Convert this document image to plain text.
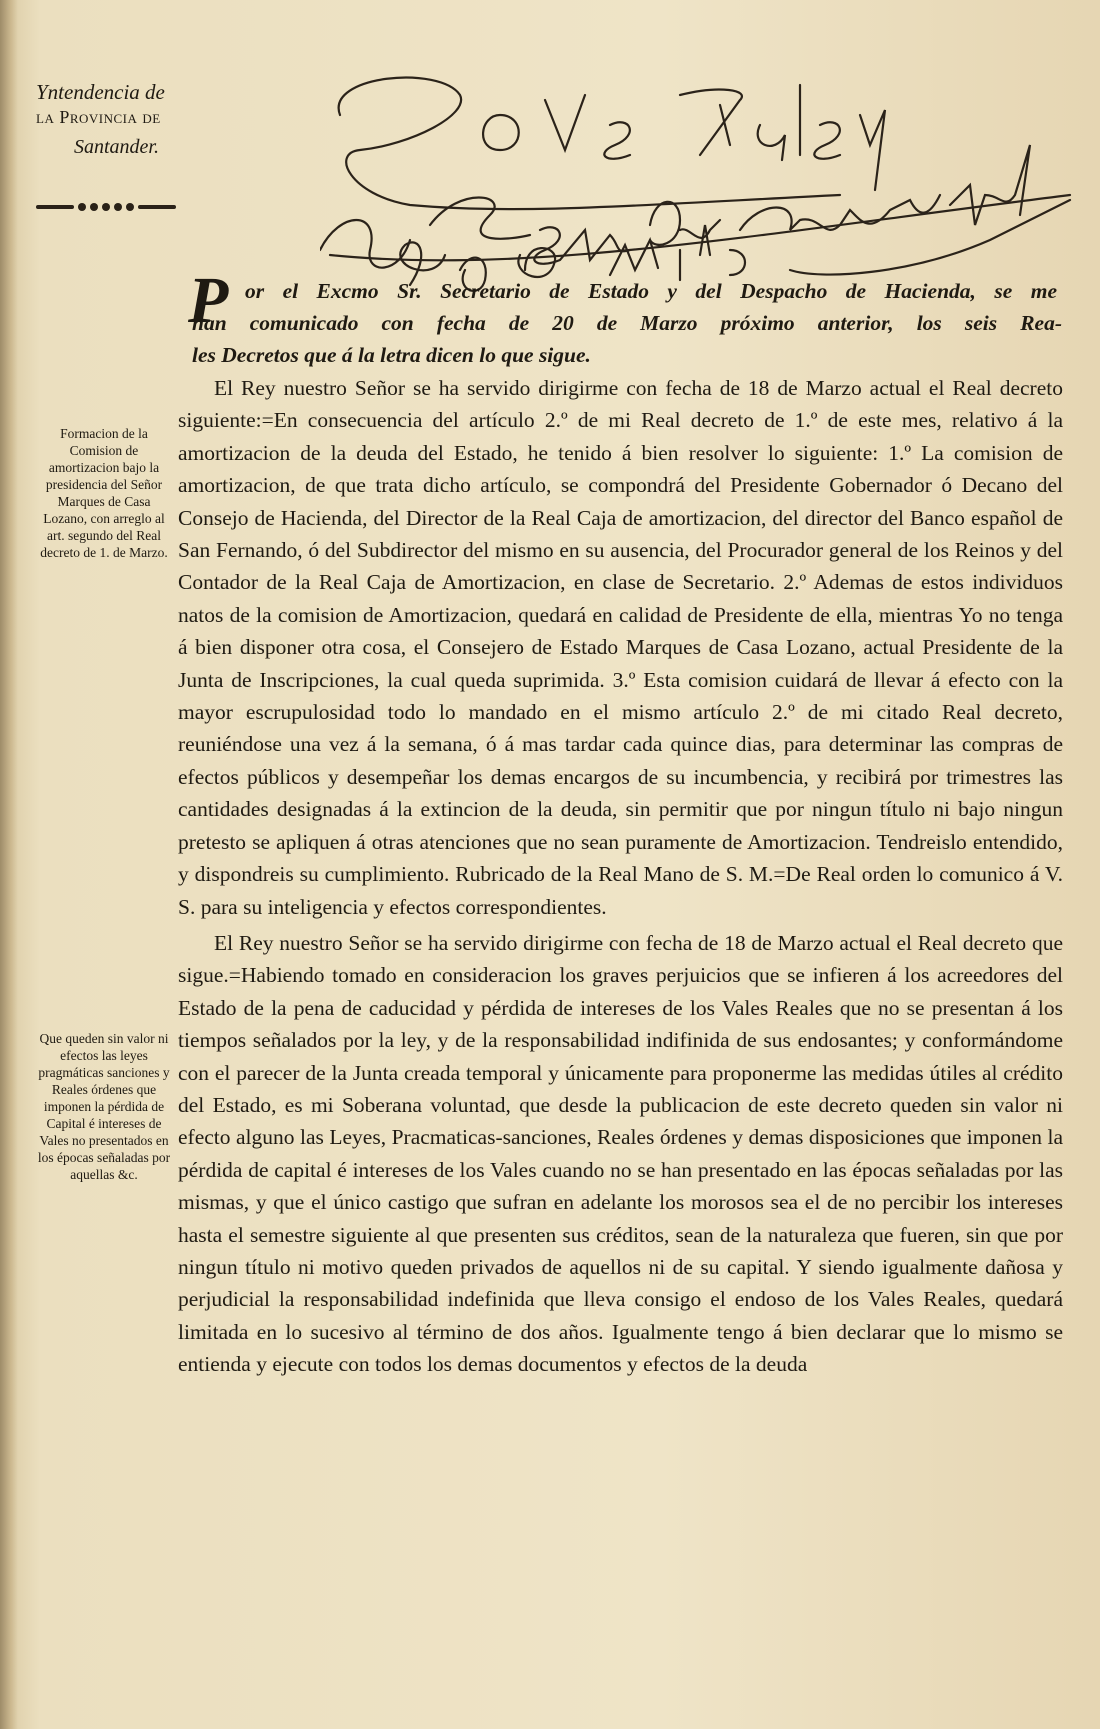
Yntendencia de
la Provincia de
Santander.
P or el Excmo Sr. Secretario de Estado y del Despacho de Hacienda, se me
han comunicado con fecha de 20 de Marzo próximo anterior, los seis Rea-
les Decretos que á la letra dicen lo que sigue.
Formacion de la Comision de amortizacion bajo la presidencia del Señor Marques de Casa Lozano, con arreglo al art. segundo del Real decreto de 1. de Marzo.
Que queden sin valor ni efectos las leyes pragmáticas sanciones y Reales órdenes que imponen la pérdida de Capital é intereses de Vales no presentados en los épocas señaladas por aquellas &c.

El Rey nuestro Señor se ha servido dirigirme con fecha de 18 de Marzo actual el Real decreto siguiente:=En consecuencia del artículo 2.º de mi Real decreto de 1.º de este mes, relativo á la amortizacion de la deuda del Estado, he tenido á bien resolver lo siguiente: 1.º La comision de amortizacion, de que trata dicho artículo, se compondrá del Presidente Gobernador ó Decano del Consejo de Hacienda, del Director de la Real Caja de amortizacion, del director del Banco español de San Fernando, ó del Subdirector del mismo en su ausencia, del Procurador general de los Reinos y del Contador de la Real Caja de Amortizacion, en clase de Secretario. 2.º Ademas de estos individuos natos de la comision de Amortizacion, quedará en calidad de Presidente de ella, mientras Yo no tenga á bien disponer otra cosa, el Consejero de Estado Marques de Casa Lozano, actual Presidente de la Junta de Inscripciones, la cual queda suprimida. 3.º Esta comision cuidará de llevar á efecto con la mayor escrupulosidad todo lo mandado en el mismo artículo 2.º de mi citado Real decreto, reuniéndose una vez á la semana, ó á mas tardar cada quince dias, para determinar las compras de efectos públicos y desempeñar los demas encargos de su incumbencia, y recibirá por trimestres las cantidades designadas á la extincion de la deuda, sin permitir que por ningun título ni bajo ningun pretesto se apliquen á otras atenciones que no sean puramente de Amortizacion. Tendreislo entendido, y dispondreis su cumplimiento. Rubricado de la Real Mano de S. M.=De Real orden lo comunico á V. S. para su inteligencia y efectos correspondientes.

El Rey nuestro Señor se ha servido dirigirme con fecha de 18 de Marzo actual el Real decreto que sigue.=Habiendo tomado en consideracion los graves perjuicios que se infieren á los acreedores del Estado de la pena de caducidad y pérdida de intereses de los Vales Reales que no se presentan á los tiempos señalados por la ley, y de la responsabilidad indifinida de sus endosantes; y conformándome con el parecer de la Junta creada temporal y únicamente para proponerme las medidas útiles al crédito del Estado, es mi Soberana voluntad, que desde la publicacion de este decreto queden sin valor ni efecto alguno las Leyes, Pracmaticas-sanciones, Reales órdenes y demas disposiciones que imponen la pérdida de capital é intereses de los Vales cuando no se han presentado en las épocas señaladas por las mismas, y que el único castigo que sufran en adelante los morosos sea el de no percibir los intereses hasta el semestre siguiente al que presenten sus créditos, sean de la naturaleza que fueren, sin que por ningun título ni motivo queden privados de aquellos ni de su capital. Y siendo igualmente dañosa y perjudicial la responsabilidad indefinida que lleva consigo el endoso de los Vales Reales, quedará limitada en lo sucesivo al término de dos años. Igualmente tengo á bien declarar que lo mismo se entienda y ejecute con todos los demas documentos y efectos de la deuda
